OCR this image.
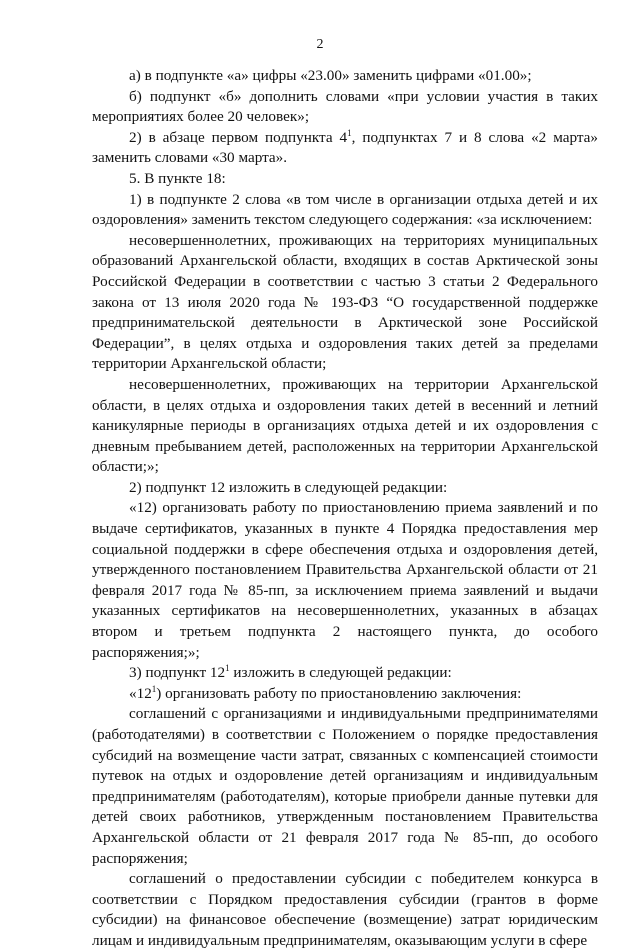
2

а) в подпункте «а» цифры «23.00» заменить цифрами «01.00»;

б) подпункт «б» дополнить словами «при условии участия в таких мероприятиях более 20 человек»;

2) в абзаце первом подпункта $4^1$, подпунктах 7 и 8 слова «2 марта» заменить словами «30 марта».

5. В пункте 18:

1) в подпункте 2 слова «в том числе в организации отдыха детей и их оздоровления» заменить текстом следующего содержания: «за исключением:

несовершеннолетних, проживающих на территориях муниципальных образований Архангельской области, входящих в состав Арктической зоны Российской Федерации в соответствии с частью 3 статьи 2 Федерального закона от 13 июля 2020 года № 193-ФЗ “О государственной поддержке предпринимательской деятельности в Арктической зоне Российской Федерации”, в целях отдыха и оздоровления таких детей за пределами территории Архангельской области;

несовершеннолетних, проживающих на территории Архангельской области, в целях отдыха и оздоровления таких детей в весенний и летний каникулярные периоды в организациях отдыха детей и их оздоровления с дневным пребыванием детей, расположенных на территории Архангельской области;»;

2) подпункт 12 изложить в следующей редакции:

«12) организовать работу по приостановлению приема заявлений и по выдаче сертификатов, указанных в пункте 4 Порядка предоставления мер социальной поддержки в сфере обеспечения отдыха и оздоровления детей, утвержденного постановлением Правительства Архангельской области от 21 февраля 2017 года № 85-пп, за исключением приема заявлений и выдачи указанных сертификатов на несовершеннолетних, указанных в абзацах втором и третьем подпункта 2 настоящего пункта, до особого распоряжения;»;

3) подпункт $12^1$ изложить в следующей редакции:

«$12^1$) организовать работу по приостановлению заключения:

соглашений с организациями и индивидуальными предпринимателями (работодателями) в соответствии с Положением о порядке предоставления субсидий на возмещение части затрат, связанных с компенсацией стоимости путевок на отдых и оздоровление детей организациям и индивидуальным предпринимателям (работодателям), которые приобрели данные путевки для детей своих работников, утвержденным постановлением Правительства Архангельской области от 21 февраля 2017 года № 85-пп, до особого распоряжения;

соглашений о предоставлении субсидии с победителем конкурса в соответствии с Порядком предоставления субсидии (грантов в форме субсидии) на финансовое обеспечение (возмещение) затрат юридическим лицам и индивидуальным предпринимателям, оказывающим услуги в сфере
